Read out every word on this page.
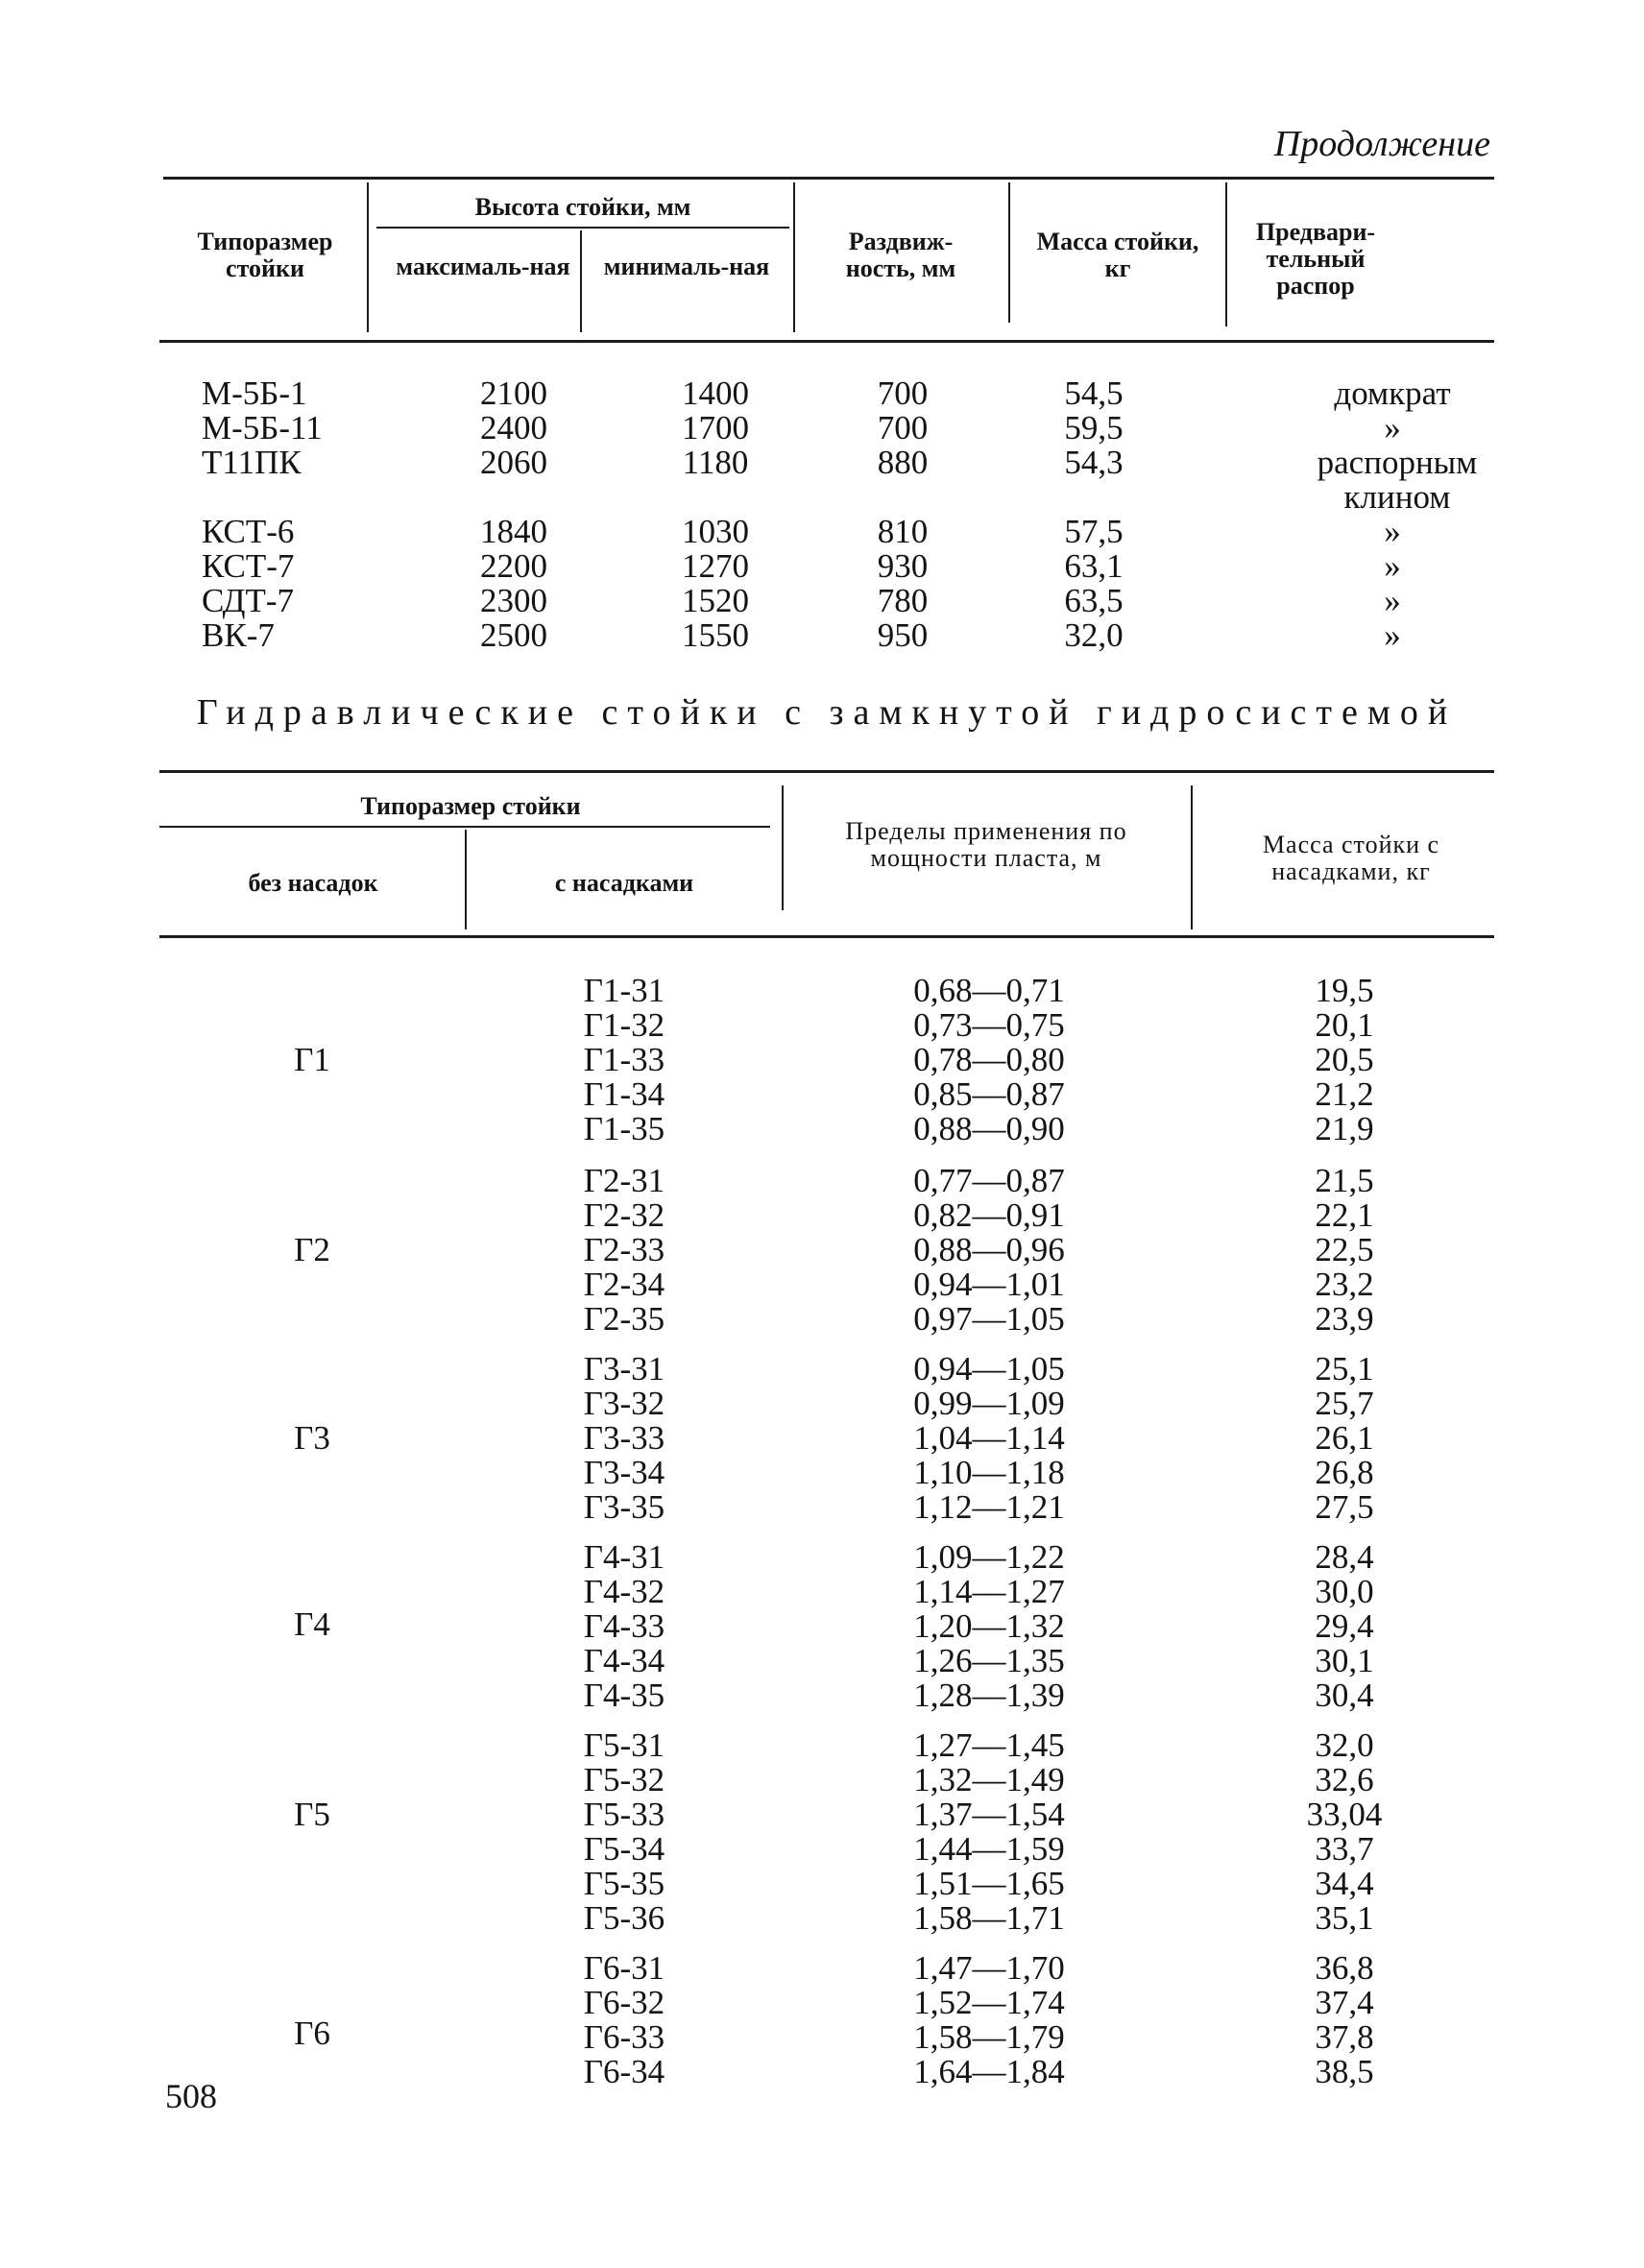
Продолжение
Типоразмер стойки
Высота стойки, мм
максималь-ная минималь-ная
Раздвиж-ность, мм
Масса стойки, кг
Предвари-тельный распор
М-5Б-1	2100	1400	700	54,5	домкрат
М-5Б-11	2400	1700	700	59,5	»
Т11ПК	2060	1180	880	54,3	распорным клином
КСТ-6	1840	1030	810	57,5	»
КСТ-7	2200	1270	930	63,1	»
СДТ-7	2300	1520	780	63,5	»
ВК-7	2500	1550	950	32,0	»
Гидравлические стойки с замкнутой гидросистемой
Типоразмер стойки
без насадок	с насадками
Пределы применения по мощности пласта, м	Масса стойки с насадками, кг
Г1
Г1-31	0,68—0,71	19,5
Г1-32	0,73—0,75	20,1
Г1-33	0,78—0,80	20,5
Г1-34	0,85—0,87	21,2
Г1-35	0,88—0,90	21,9
Г2
Г2-31	0,77—0,87	21,5
Г2-32	0,82—0,91	22,1
Г2-33	0,88—0,96	22,5
Г2-34	0,94—1,01	23,2
Г2-35	0,97—1,05	23,9
Г3
Г3-31	0,94—1,05	25,1
Г3-32	0,99—1,09	25,7
Г3-33	1,04—1,14	26,1
Г3-34	1,10—1,18	26,8
Г3-35	1,12—1,21	27,5
Г4
Г4-31	1,09—1,22	28,4
Г4-32	1,14—1,27	30,0
Г4-33	1,20—1,32	29,4
Г4-34	1,26—1,35	30,1
Г4-35	1,28—1,39	30,4
Г5
Г5-31	1,27—1,45	32,0
Г5-32	1,32—1,49	32,6
Г5-33	1,37—1,54	33,04
Г5-34	1,44—1,59	33,7
Г5-35	1,51—1,65	34,4
Г5-36	1,58—1,71	35,1
Г6
Г6-31	1,47—1,70	36,8
Г6-32	1,52—1,74	37,4
Г6-33	1,58—1,79	37,8
Г6-34	1,64—1,84	38,5
508
